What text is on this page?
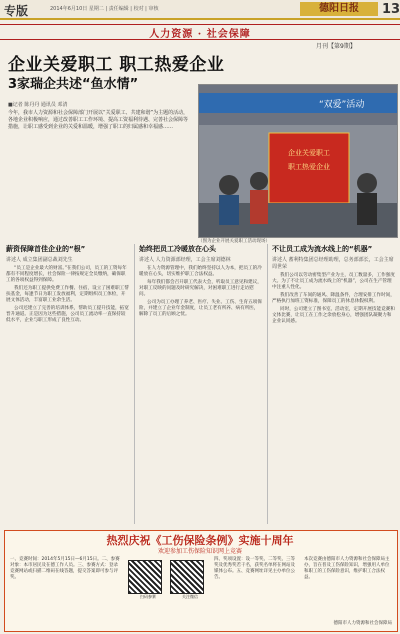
专版	2014年6月10日 星期二 | 责任编辑 | 校对 | 审核	德阳日报	13
人力资源 · 社会保障
月刊【第9期】
企业关爱职工 职工热爱企业
3家瑞企共述“鱼水情”
■记者 陈丹丹 通讯员 邓清
今年，我市人力资源和社会保障部门开展以“关爱职工、共建和谐”为主题的活动，各地企业积极响应，通过改善职工工作环境、提高工资福利待遇、完善社会保障等措施，让职工感受到企业的关爱和温暖，增强了职工的归属感和幸福感……
“双爱”活动
企业关爱职工
职工热爱企业
（图为企业开展关爱职工活动现场）
薪资保障首佳企业的“根”
讲述人 成立集团副总裁刘先生

“员工是企业最大的财富。”在我们公司，员工的工资每年都有不同程度增长，社会保险一律按规定全员缴纳，确保职工的各项权益得到保障。

我们还为职工提供免费工作餐、住宿，设立了困难职工帮扶基金，每逢节日为职工发放福利，定期组织员工体检，开展文体活动，丰富职工业余生活。

公司还建立了完善的培训体系，帮助员工提升技能，拓宽晋升通道。正是因为这些措施，公司员工流动率一直保持较低水平，企业与职工形成了良性互动。

始终把员工冷暖放在心头
讲述人 人力资源部经理，工会主席刘德林

在人力资源管理中，我们始终坚持以人为本，把员工的冷暖放在心头，切实维护职工合法权益。

每年我们都会召开职工代表大会，听取员工意见和建议，对职工反映的问题及时研究解决，对困难职工进行走访慰问。

公司为员工办理了养老、医疗、失业、工伤、生育五项保险，并建立了企业年金制度，让员工老有所养、病有所医，解除了员工的后顾之忧。

不让员工成为流水线上的“机器”
讲述人 蓄利特集团总经理助理，总务部部长，工会主席周世荣

我们公司以劳动密集型产业为主，员工数量多，工作强度大。为了不让员工成为流水线上的“机器”，公司在生产管理中注重人性化。

我们改善了车间的通风、降温条件，合理安排工作时间，严格执行加班工资标准，保障员工的休息休假权利。

同时，公司建立了图书室、活动室，定期开展技能竞赛和文体比赛，让员工在工作之余放松身心，增强团队凝聚力和企业认同感。

热烈庆祝《工伤保险条例》实施十周年
欢迎参加工伤保险知识网上竞赛
一、竞赛时间：2014年5月15日—6月15日。二、参赛对象：本市居民及在德工作人员。三、参赛方式：登录竞赛网站或扫描二维码在线答题，提交答案即可参与评奖。
扫码参赛	关注微信
四、奖项设置：设一等奖、二等奖、三等奖及优秀奖若干名，获奖名单将在网站及媒体公布。五、竞赛网址详见主办单位公告。
本次竞赛由德阳市人力资源和社会保障局主办，旨在普及工伤保险知识，增强用人单位和职工的工伤保险意识，维护职工合法权益。
德阳市人力资源和社会保障局
